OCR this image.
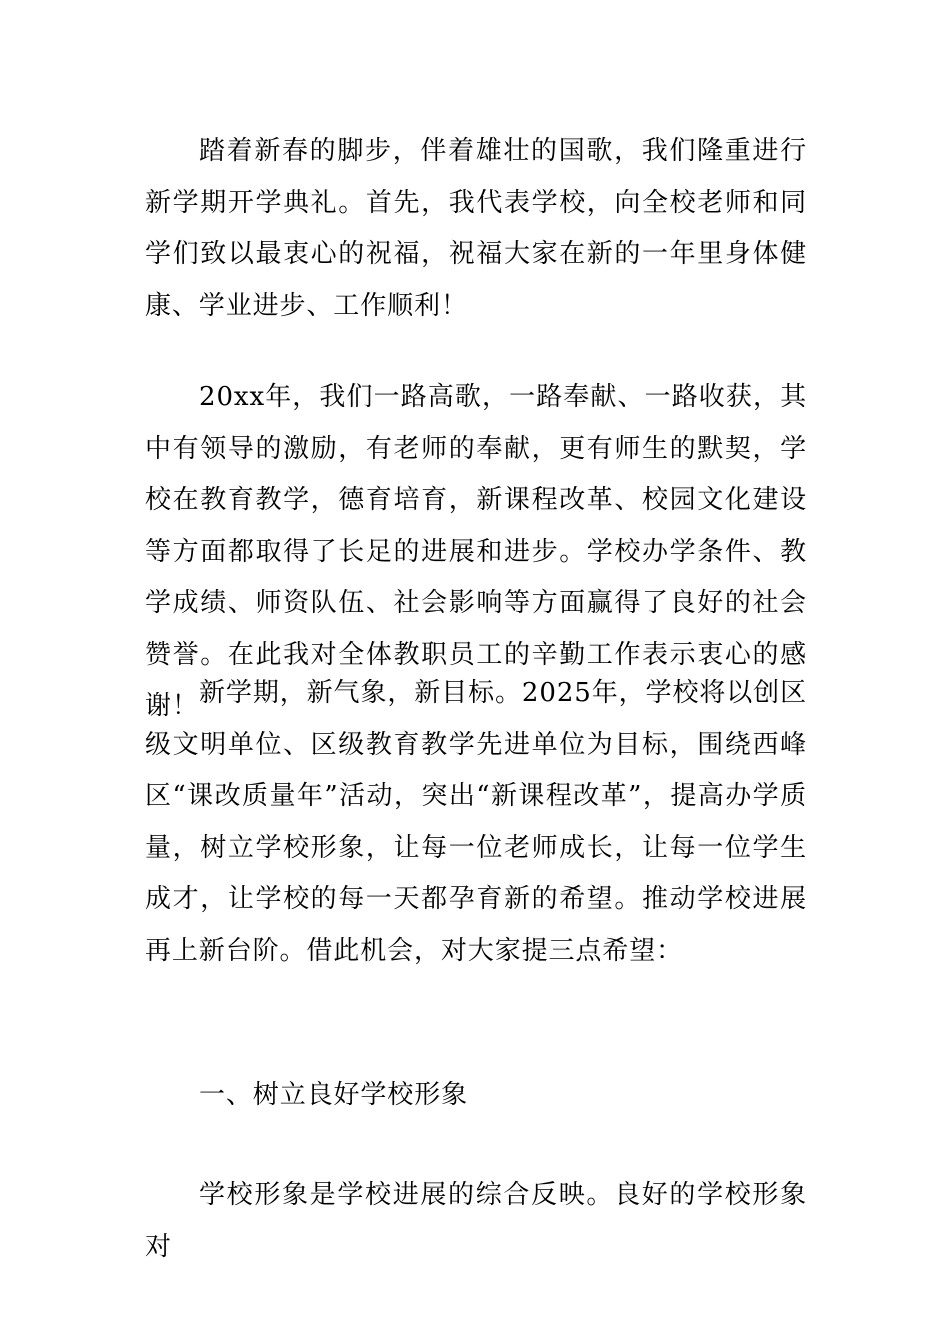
踏着新春的脚步，伴着雄壮的国歌，我们隆重进行新学期开学典礼。首先，我代表学校，向全校老师和同学们致以最衷心的祝福，祝福大家在新的一年里身体健康、学业进步、工作顺利！

20xx年，我们一路高歌，一路奉献、一路收获，其中有领导的激励，有老师的奉献，更有师生的默契，学校在教育教学，德育培育，新课程改革、校园文化建设等方面都取得了长足的进展和进步。学校办学条件、教学成绩、师资队伍、社会影响等方面赢得了良好的社会赞誉。在此我对全体教职员工的辛勤工作表示衷心的感谢！ 新学期，新气象，新目标。2025年，学校将以创区级文明单位、区级教育教学先进单位为目标，围绕西峰区“课改质量年”活动，突出“新课程改革”，提高办学质量，树立学校形象，让每一位老师成长，让每一位学生成才，让学校的每一天都孕育新的希望。推动学校进展再上新台阶。借此机会，对大家提三点希望：

一、树立良好学校形象

学校形象是学校进展的综合反映。良好的学校形象对
